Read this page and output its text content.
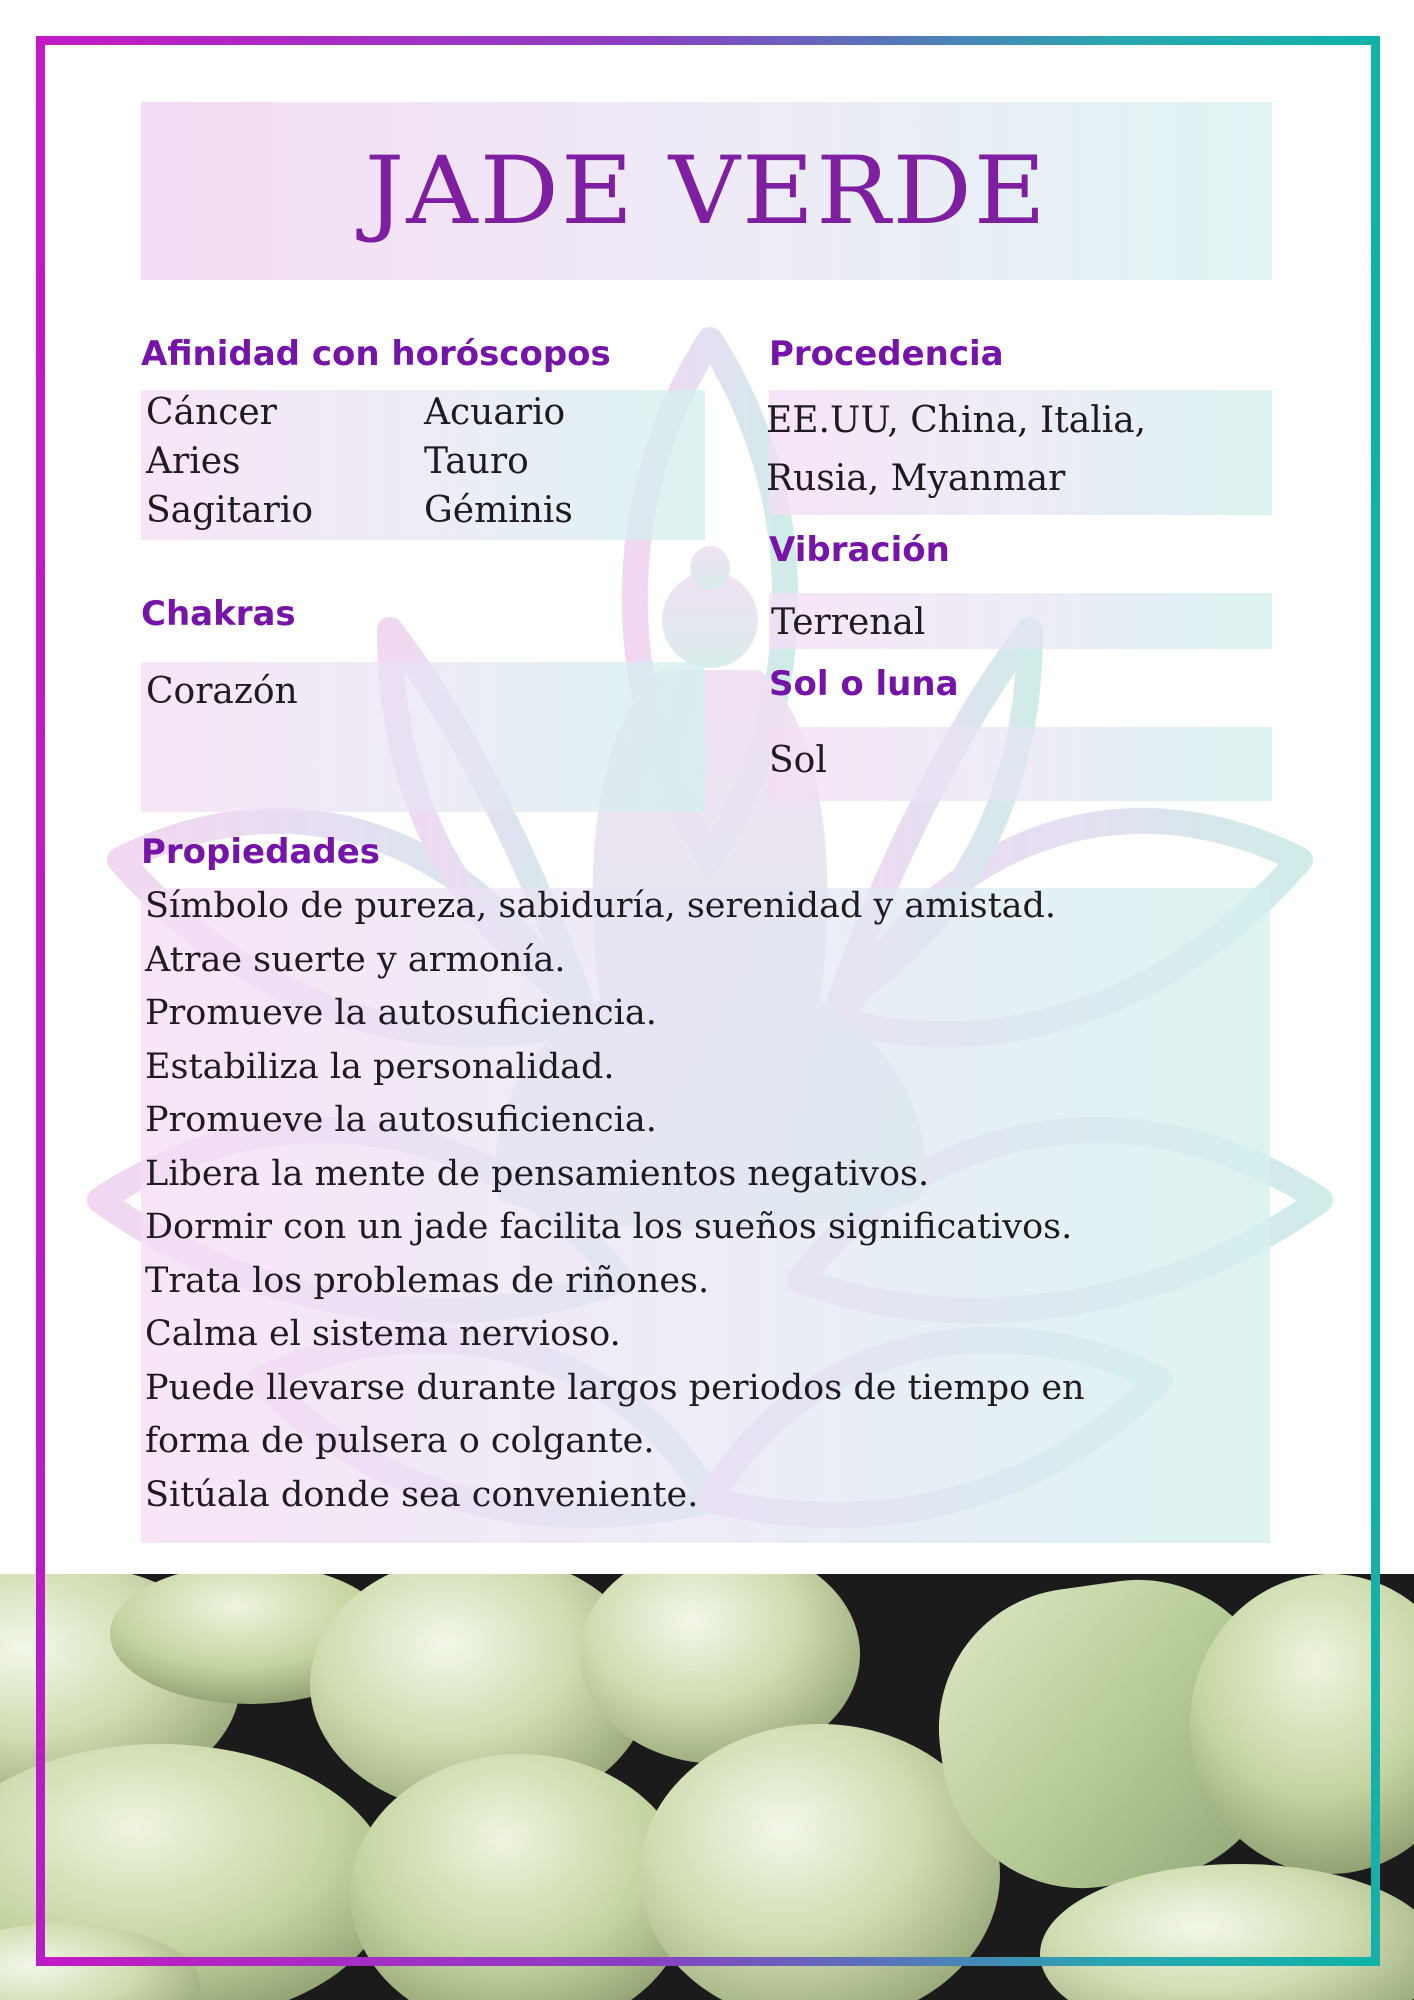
JADE VERDE
Afinidad con horóscopos
Cáncer
Aries
Sagitario
Acuario
Tauro
Géminis
Procedencia
EE.UU, China, Italia,
Rusia, Myanmar
Vibración
Terrenal
Chakras
Corazón	Sol o luna
Sol
Propiedades
Símbolo de pureza, sabiduría, serenidad y amistad.
Atrae suerte y armonía.
Promueve la autosuficiencia.
Estabiliza la personalidad.
Promueve la autosuficiencia.
Libera la mente de pensamientos negativos.
Dormir con un jade facilita los sueños significativos.
Trata los problemas de riñones.
Calma el sistema nervioso.
Puede llevarse durante largos periodos de tiempo en
forma de pulsera o colgante.
Sitúala donde sea conveniente.
